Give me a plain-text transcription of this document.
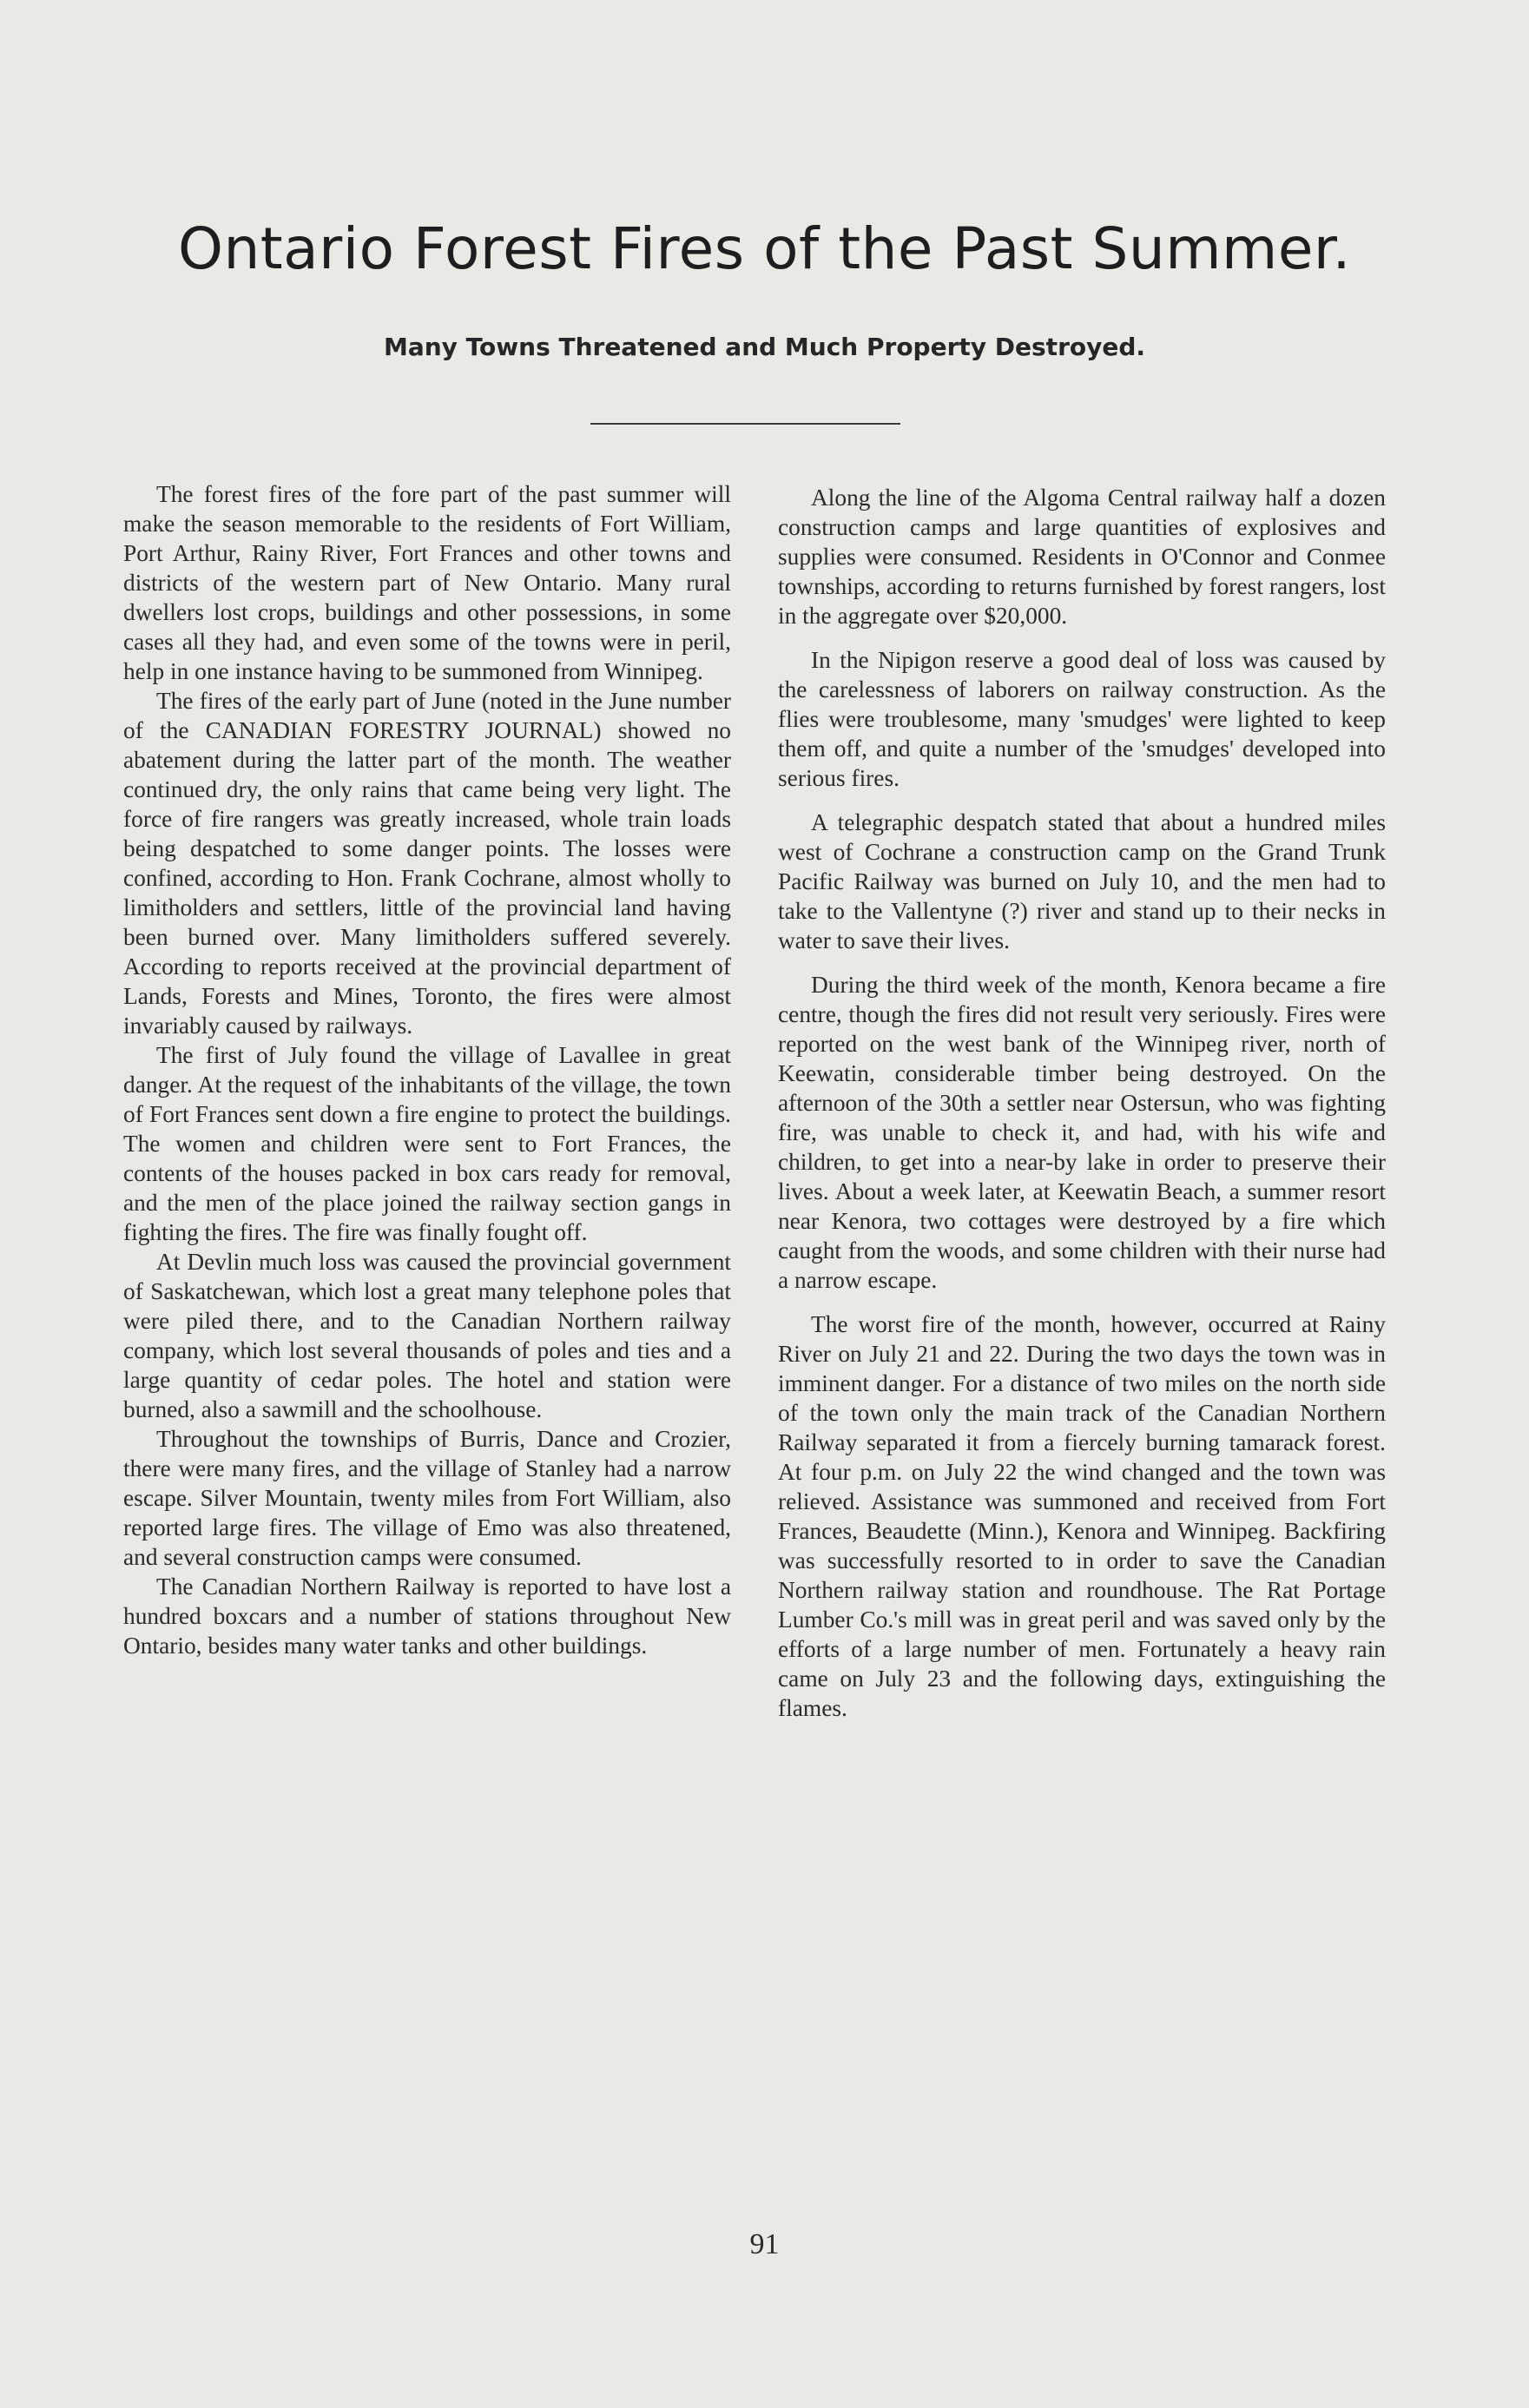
Ontario Forest Fires of the Past Summer.
Many Towns Threatened and Much Property Destroyed.

The forest fires of the fore part of the past summer will make the season memorable to the residents of Fort William, Port Arthur, Rainy River, Fort Frances and other towns and districts of the western part of New Ontario. Many rural dwellers lost crops, buildings and other possessions, in some cases all they had, and even some of the towns were in peril, help in one instance having to be summoned from Winnipeg.

The fires of the early part of June (noted in the June number of the CANADIAN FORESTRY JOURNAL) showed no abatement during the latter part of the month. The weather continued dry, the only rains that came being very light. The force of fire rangers was greatly increased, whole train loads being despatched to some danger points. The losses were confined, according to Hon. Frank Cochrane, almost wholly to limitholders and settlers, little of the provincial land having been burned over. Many limitholders suffered severely. According to reports received at the provincial department of Lands, Forests and Mines, Toronto, the fires were almost invariably caused by railways.

The first of July found the village of Lavallee in great danger. At the request of the inhabitants of the village, the town of Fort Frances sent down a fire engine to protect the buildings. The women and children were sent to Fort Frances, the contents of the houses packed in box cars ready for removal, and the men of the place joined the railway section gangs in fighting the fires. The fire was finally fought off.

At Devlin much loss was caused the provincial government of Saskatchewan, which lost a great many telephone poles that were piled there, and to the Canadian Northern railway company, which lost several thousands of poles and ties and a large quantity of cedar poles. The hotel and station were burned, also a sawmill and the schoolhouse.

Throughout the townships of Burris, Dance and Crozier, there were many fires, and the village of Stanley had a narrow escape. Silver Mountain, twenty miles from Fort William, also reported large fires. The village of Emo was also threatened, and several construction camps were consumed.

The Canadian Northern Railway is reported to have lost a hundred boxcars and a number of stations throughout New Ontario, besides many water tanks and other buildings.

Along the line of the Algoma Central railway half a dozen construction camps and large quantities of explosives and supplies were consumed. Residents in O'Connor and Conmee townships, according to returns furnished by forest rangers, lost in the aggregate over $20,000.

In the Nipigon reserve a good deal of loss was caused by the carelessness of laborers on railway construction. As the flies were troublesome, many 'smudges' were lighted to keep them off, and quite a number of the 'smudges' developed into serious fires.

A telegraphic despatch stated that about a hundred miles west of Cochrane a construction camp on the Grand Trunk Pacific Railway was burned on July 10, and the men had to take to the Vallentyne (?) river and stand up to their necks in water to save their lives.

During the third week of the month, Kenora became a fire centre, though the fires did not result very seriously. Fires were reported on the west bank of the Winnipeg river, north of Keewatin, considerable timber being destroyed. On the afternoon of the 30th a settler near Ostersun, who was fighting fire, was unable to check it, and had, with his wife and children, to get into a near-by lake in order to preserve their lives. About a week later, at Keewatin Beach, a summer resort near Kenora, two cottages were destroyed by a fire which caught from the woods, and some children with their nurse had a narrow escape.

The worst fire of the month, however, occurred at Rainy River on July 21 and 22. During the two days the town was in imminent danger. For a distance of two miles on the north side of the town only the main track of the Canadian Northern Railway separated it from a fiercely burning tamarack forest. At four p.m. on July 22 the wind changed and the town was relieved. Assistance was summoned and received from Fort Frances, Beaudette (Minn.), Kenora and Winnipeg. Backfiring was successfully resorted to in order to save the Canadian Northern railway station and roundhouse. The Rat Portage Lumber Co.'s mill was in great peril and was saved only by the efforts of a large number of men. Fortunately a heavy rain came on July 23 and the following days, extinguishing the flames.

91
